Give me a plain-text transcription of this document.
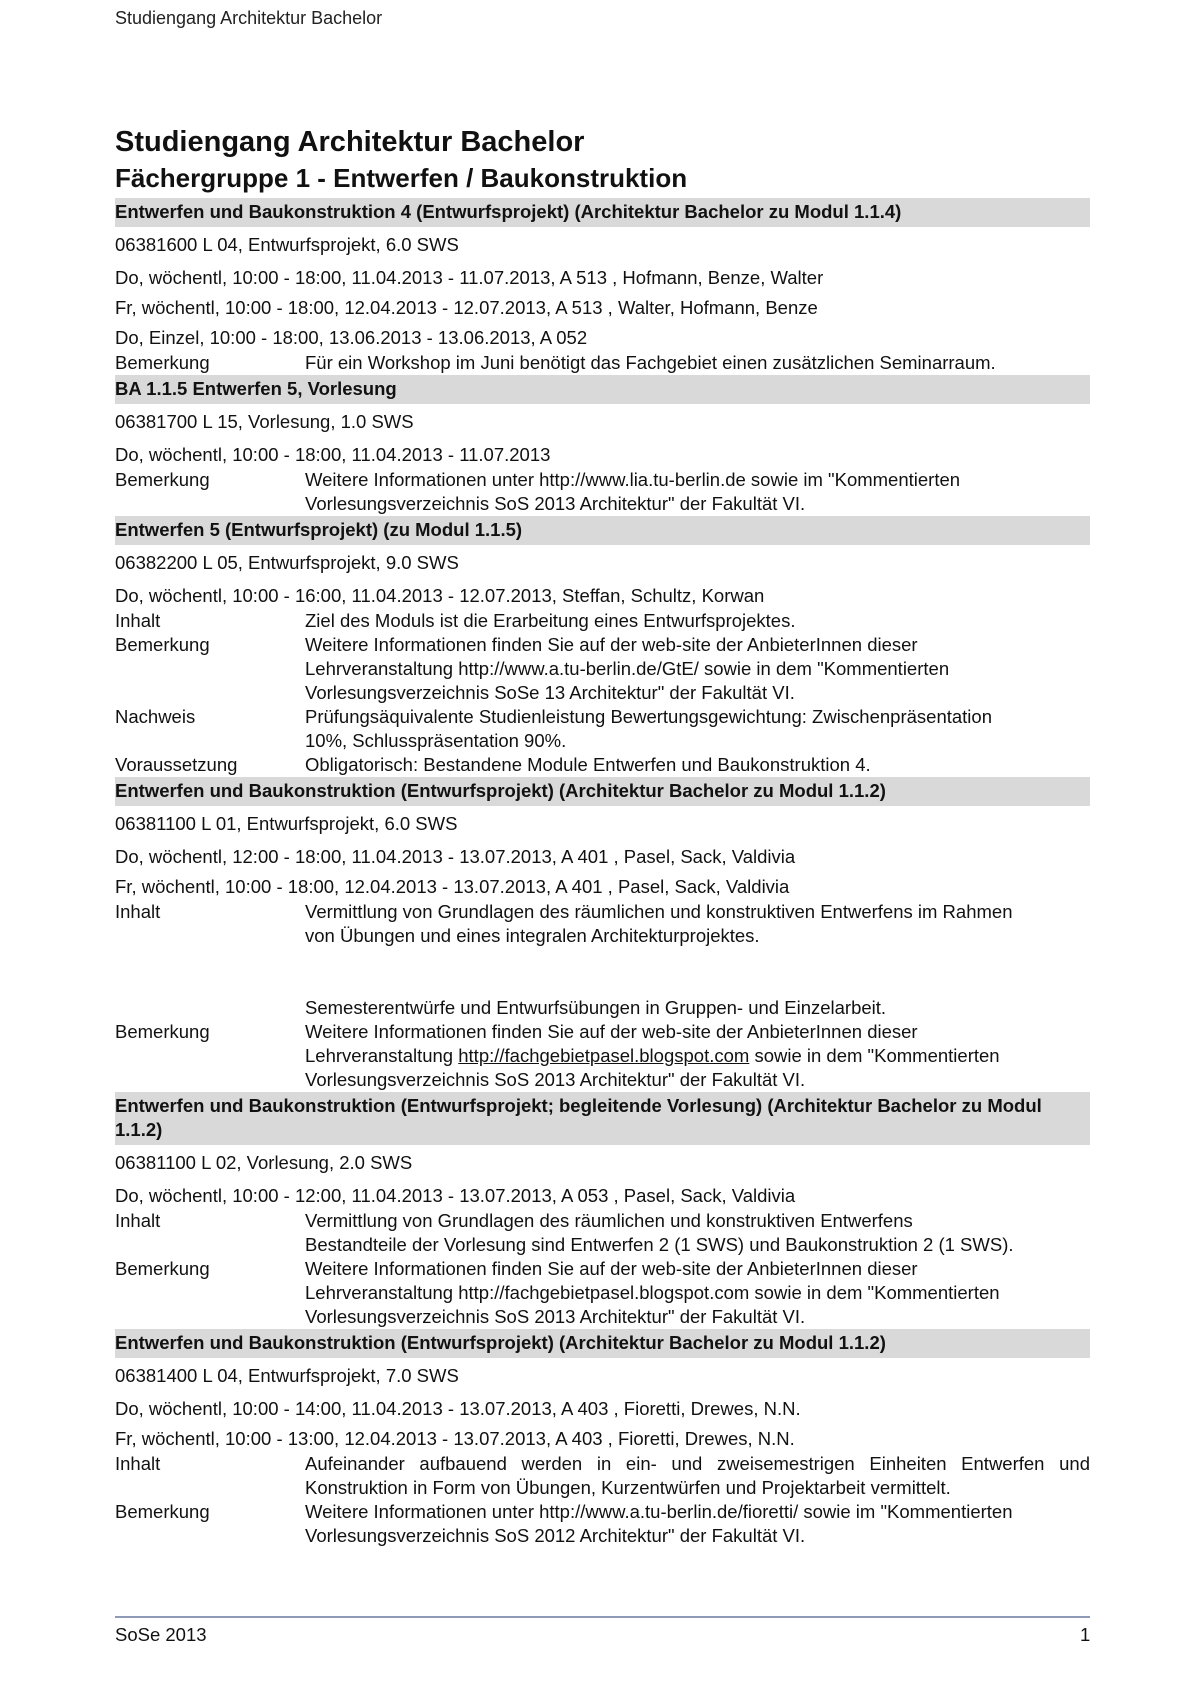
Studiengang Architektur Bachelor
Studiengang Architektur Bachelor
Fächergruppe 1 - Entwerfen / Baukonstruktion
Entwerfen und Baukonstruktion 4 (Entwurfsprojekt) (Architektur Bachelor zu Modul 1.1.4)
06381600 L 04, Entwurfsprojekt, 6.0 SWS
Do, wöchentl, 10:00 - 18:00, 11.04.2013 - 11.07.2013, A 513 , Hofmann, Benze, Walter
Fr, wöchentl, 10:00 - 18:00, 12.04.2013 - 12.07.2013, A 513 , Walter, Hofmann, Benze
Do, Einzel, 10:00 - 18:00, 13.06.2013 - 13.06.2013, A 052
Bemerkung	Für ein Workshop im Juni benötigt das Fachgebiet einen zusätzlichen Seminarraum.
BA 1.1.5 Entwerfen 5, Vorlesung
06381700 L 15, Vorlesung, 1.0 SWS
Do, wöchentl, 10:00 - 18:00, 11.04.2013 - 11.07.2013
Bemerkung	Weitere Informationen unter http://www.lia.tu-berlin.de sowie im "Kommentierten
Vorlesungsverzeichnis SoS 2013 Architektur" der Fakultät VI.
Entwerfen 5 (Entwurfsprojekt) (zu Modul 1.1.5)
06382200 L 05, Entwurfsprojekt, 9.0 SWS
Do, wöchentl, 10:00 - 16:00, 11.04.2013 - 12.07.2013, Steffan, Schultz, Korwan
Inhalt	Ziel des Moduls ist die Erarbeitung eines Entwurfsprojektes.
Bemerkung	Weitere Informationen finden Sie auf der web-site der AnbieterInnen dieser
Lehrveranstaltung http://www.a.tu-berlin.de/GtE/ sowie in dem "Kommentierten
Vorlesungsverzeichnis SoSe 13 Architektur" der Fakultät VI.
Nachweis	Prüfungsäquivalente Studienleistung Bewertungsgewichtung: Zwischenpräsentation
10%, Schlusspräsentation 90%.
Voraussetzung	Obligatorisch: Bestandene Module Entwerfen und Baukonstruktion 4.
Entwerfen und Baukonstruktion (Entwurfsprojekt) (Architektur Bachelor zu Modul 1.1.2)
06381100 L 01, Entwurfsprojekt, 6.0 SWS
Do, wöchentl, 12:00 - 18:00, 11.04.2013 - 13.07.2013, A 401 , Pasel, Sack, Valdivia
Fr, wöchentl, 10:00 - 18:00, 12.04.2013 - 13.07.2013, A 401 , Pasel, Sack, Valdivia
Inhalt	Vermittlung von Grundlagen des räumlichen und konstruktiven Entwerfens im Rahmen
von Übungen und eines integralen Architekturprojektes.

Semesterentwürfe und Entwurfsübungen in Gruppen- und Einzelarbeit.
Bemerkung	Weitere Informationen finden Sie auf der web-site der AnbieterInnen dieser
Lehrveranstaltung http://fachgebietpasel.blogspot.com sowie in dem "Kommentierten
Vorlesungsverzeichnis SoS 2013 Architektur" der Fakultät VI.
Entwerfen und Baukonstruktion (Entwurfsprojekt; begleitende Vorlesung) (Architektur Bachelor zu Modul 1.1.2)
06381100 L 02, Vorlesung, 2.0 SWS
Do, wöchentl, 10:00 - 12:00, 11.04.2013 - 13.07.2013, A 053 , Pasel, Sack, Valdivia
Inhalt	Vermittlung von Grundlagen des räumlichen und konstruktiven Entwerfens
Bestandteile der Vorlesung sind Entwerfen 2 (1 SWS) und Baukonstruktion 2 (1 SWS).
Bemerkung	Weitere Informationen finden Sie auf der web-site der AnbieterInnen dieser
Lehrveranstaltung http://fachgebietpasel.blogspot.com sowie in dem "Kommentierten
Vorlesungsverzeichnis SoS 2013 Architektur" der Fakultät VI.
Entwerfen und Baukonstruktion (Entwurfsprojekt) (Architektur Bachelor zu Modul 1.1.2)
06381400 L 04, Entwurfsprojekt, 7.0 SWS
Do, wöchentl, 10:00 - 14:00, 11.04.2013 - 13.07.2013, A 403 , Fioretti, Drewes, N.N.
Fr, wöchentl, 10:00 - 13:00, 12.04.2013 - 13.07.2013, A 403 , Fioretti, Drewes, N.N.
Inhalt	Aufeinander aufbauend werden in ein- und zweisemestrigen Einheiten Entwerfen und Konstruktion in Form von Übungen, Kurzentwürfen und Projektarbeit vermittelt.
Bemerkung	Weitere Informationen unter http://www.a.tu-berlin.de/fioretti/ sowie im "Kommentierten
Vorlesungsverzeichnis SoS 2012 Architektur" der Fakultät VI.
SoSe 2013	1
